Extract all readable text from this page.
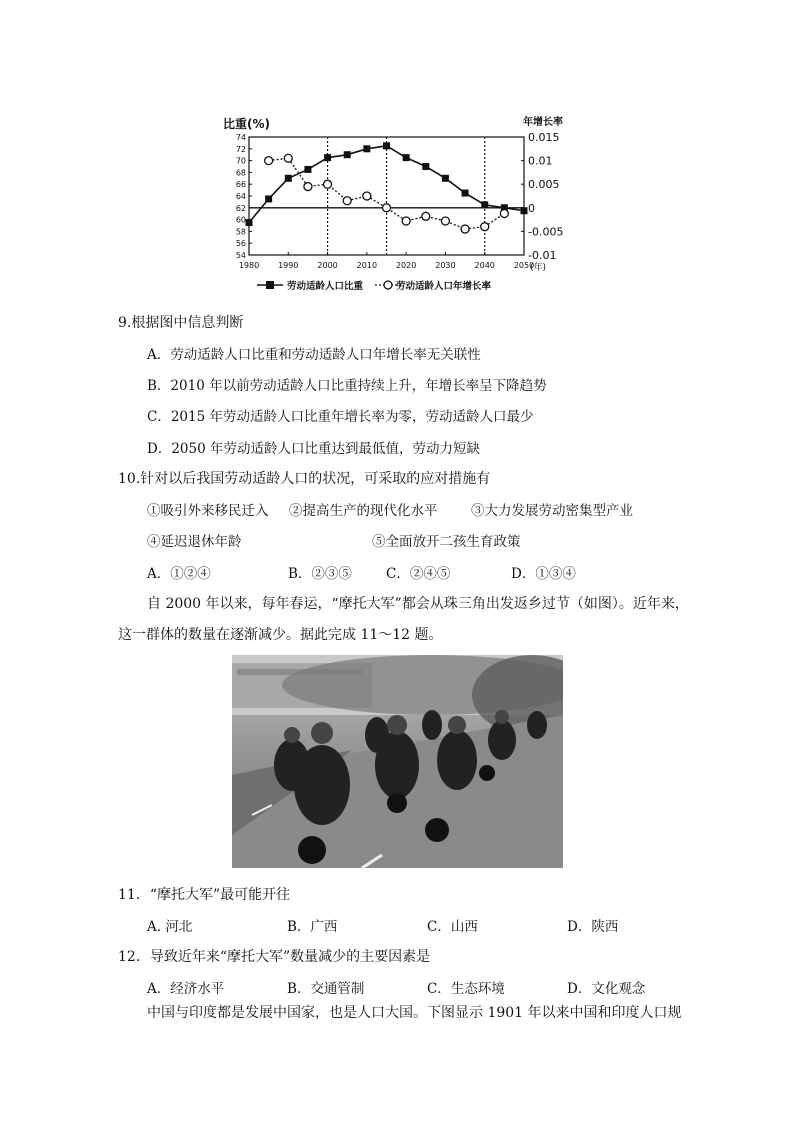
比重(%)	年增长率
(年)
74
72
70
68
66
64
62
60
58
56
54
0.015
0.01
0.005
0
-0.005
-0.01
1980 1990 2000 2010 2020 2030 2040 2050
劳动适龄人口比重	劳动适龄人口年增长率
9.根据图中信息判断
A．劳动适龄人口比重和劳动适龄人口年增长率无关联性
B．2010 年以前劳动适龄人口比重持续上升，年增长率呈下降趋势
C．2015 年劳动适龄人口比重年增长率为零，劳动适龄人口最少
D．2050 年劳动适龄人口比重达到最低值，劳动力短缺
10.针对以后我国劳动适龄人口的状况，可采取的应对措施有
①吸引外来移民迁入 ②提高生产的现代化水平 ③大力发展劳动密集型产业
④延迟退休年龄	⑤全面放开二孩生育政策
A．①②④	B．②③⑤	C．②④⑤	D．①③④
自 2000 年以来，每年春运，“摩托大军”都会从珠三角出发返乡过节（如图）。近年来，
这一群体的数量在逐渐减少。据此完成 11～12 题。
11．“摩托大军”最可能开往
A. 河北	B．广西	C．山西	D．陕西
12．导致近年来“摩托大军”数量减少的主要因素是
A．经济水平	B．交通管制	C．生态环境	D．文化观念
中国与印度都是发展中国家，也是人口大国。下图显示 1901 年以来中国和印度人口规
